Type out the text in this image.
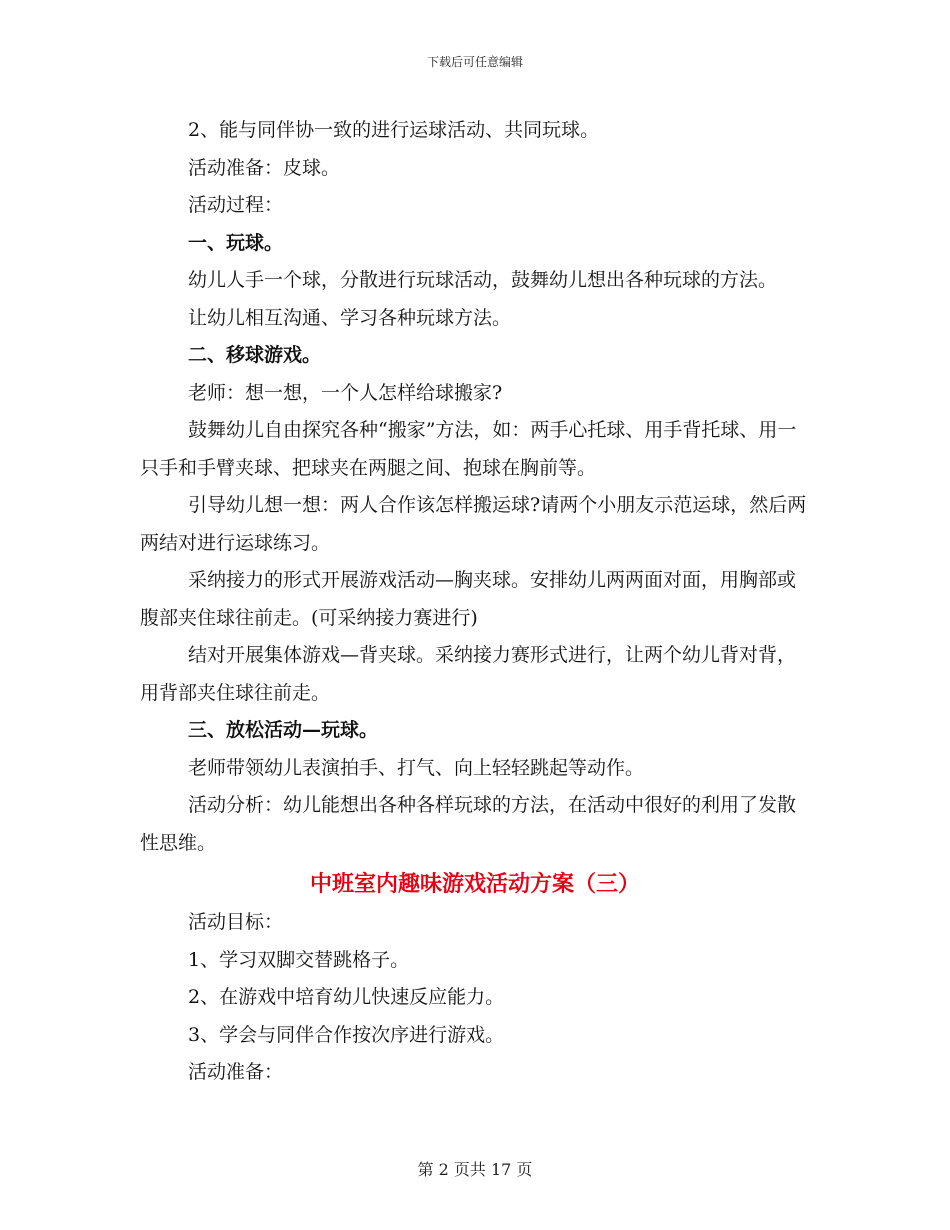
下载后可任意编辑

2、能与同伴协一致的进行运球活动、共同玩球。

活动准备：皮球。

活动过程：

一、玩球。

幼儿人手一个球，分散进行玩球活动，鼓舞幼儿想出各种玩球的方法。

让幼儿相互沟通、学习各种玩球方法。

二、移球游戏。

老师：想一想，一个人怎样给球搬家?

鼓舞幼儿自由探究各种“搬家”方法，如：两手心托球、用手背托球、用一只手和手臂夹球、把球夹在两腿之间、抱球在胸前等。

引导幼儿想一想：两人合作该怎样搬运球?请两个小朋友示范运球，然后两两结对进行运球练习。

采纳接力的形式开展游戏活动—胸夹球。安排幼儿两两面对面，用胸部或腹部夹住球往前走。(可采纳接力赛进行)

结对开展集体游戏—背夹球。采纳接力赛形式进行，让两个幼儿背对背，用背部夹住球往前走。

三、放松活动—玩球。

老师带领幼儿表演拍手、打气、向上轻轻跳起等动作。

活动分析：幼儿能想出各种各样玩球的方法，在活动中很好的利用了发散性思维。

中班室内趣味游戏活动方案（三）

活动目标：

1、学习双脚交替跳格子。

2、在游戏中培育幼儿快速反应能力。

3、学会与同伴合作按次序进行游戏。

活动准备：

第 2 页共 17 页
